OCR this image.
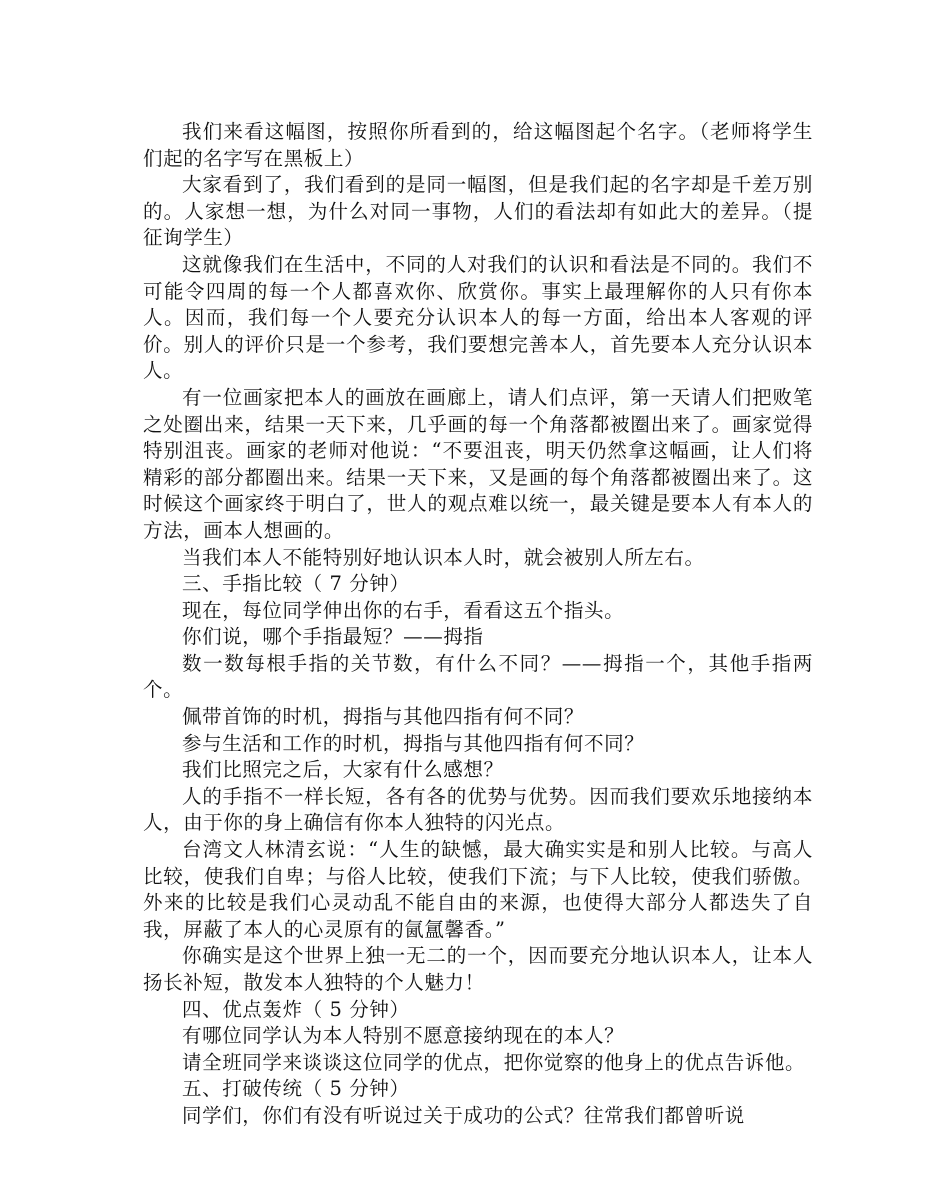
我们来看这幅图，按照你所看到的，给这幅图起个名字。（老师将学生们起的名字写在黑板上）

大家看到了，我们看到的是同一幅图，但是我们起的名字却是千差万别的。人家想一想，为什么对同一事物，人们的看法却有如此大的差异。（提征询学生）

这就像我们在生活中，不同的人对我们的认识和看法是不同的。我们不可能令四周的每一个人都喜欢你、欣赏你。事实上最理解你的人只有你本人。因而，我们每一个人要充分认识本人的每一方面，给出本人客观的评价。别人的评价只是一个参考，我们要想完善本人，首先要本人充分认识本人。

有一位画家把本人的画放在画廊上，请人们点评，第一天请人们把败笔之处圈出来，结果一天下来，几乎画的每一个角落都被圈出来了。画家觉得特别沮丧。画家的老师对他说：“不要沮丧，明天仍然拿这幅画，让人们将精彩的部分都圈出来。结果一天下来，又是画的每个角落都被圈出来了。这时候这个画家终于明白了，世人的观点难以统一，最关键是要本人有本人的方法，画本人想画的。

当我们本人不能特别好地认识本人时，就会被别人所左右。

三、手指比较（ 7 分钟）

现在，每位同学伸出你的右手，看看这五个指头。

你们说，哪个手指最短？——拇指

数一数每根手指的关节数，有什么不同？——拇指一个，其他手指两个。

佩带首饰的时机，拇指与其他四指有何不同？

参与生活和工作的时机，拇指与其他四指有何不同？

我们比照完之后，大家有什么感想？

人的手指不一样长短，各有各的优势与优势。因而我们要欢乐地接纳本人，由于你的身上确信有你本人独特的闪光点。

台湾文人林清玄说：“人生的缺憾，最大确实实是和别人比较。与高人比较，使我们自卑；与俗人比较，使我们下流；与下人比较，使我们骄傲。外来的比较是我们心灵动乱不能自由的来源，也使得大部分人都迭失了自我，屏蔽了本人的心灵原有的氤氲馨香。”

你确实是这个世界上独一无二的一个，因而要充分地认识本人，让本人扬长补短，散发本人独特的个人魅力！

四、优点轰炸（ 5 分钟）

有哪位同学认为本人特别不愿意接纳现在的本人？

请全班同学来谈谈这位同学的优点，把你觉察的他身上的优点告诉他。

五、打破传统（ 5 分钟）

同学们，你们有没有听说过关于成功的公式？往常我们都曾听说
